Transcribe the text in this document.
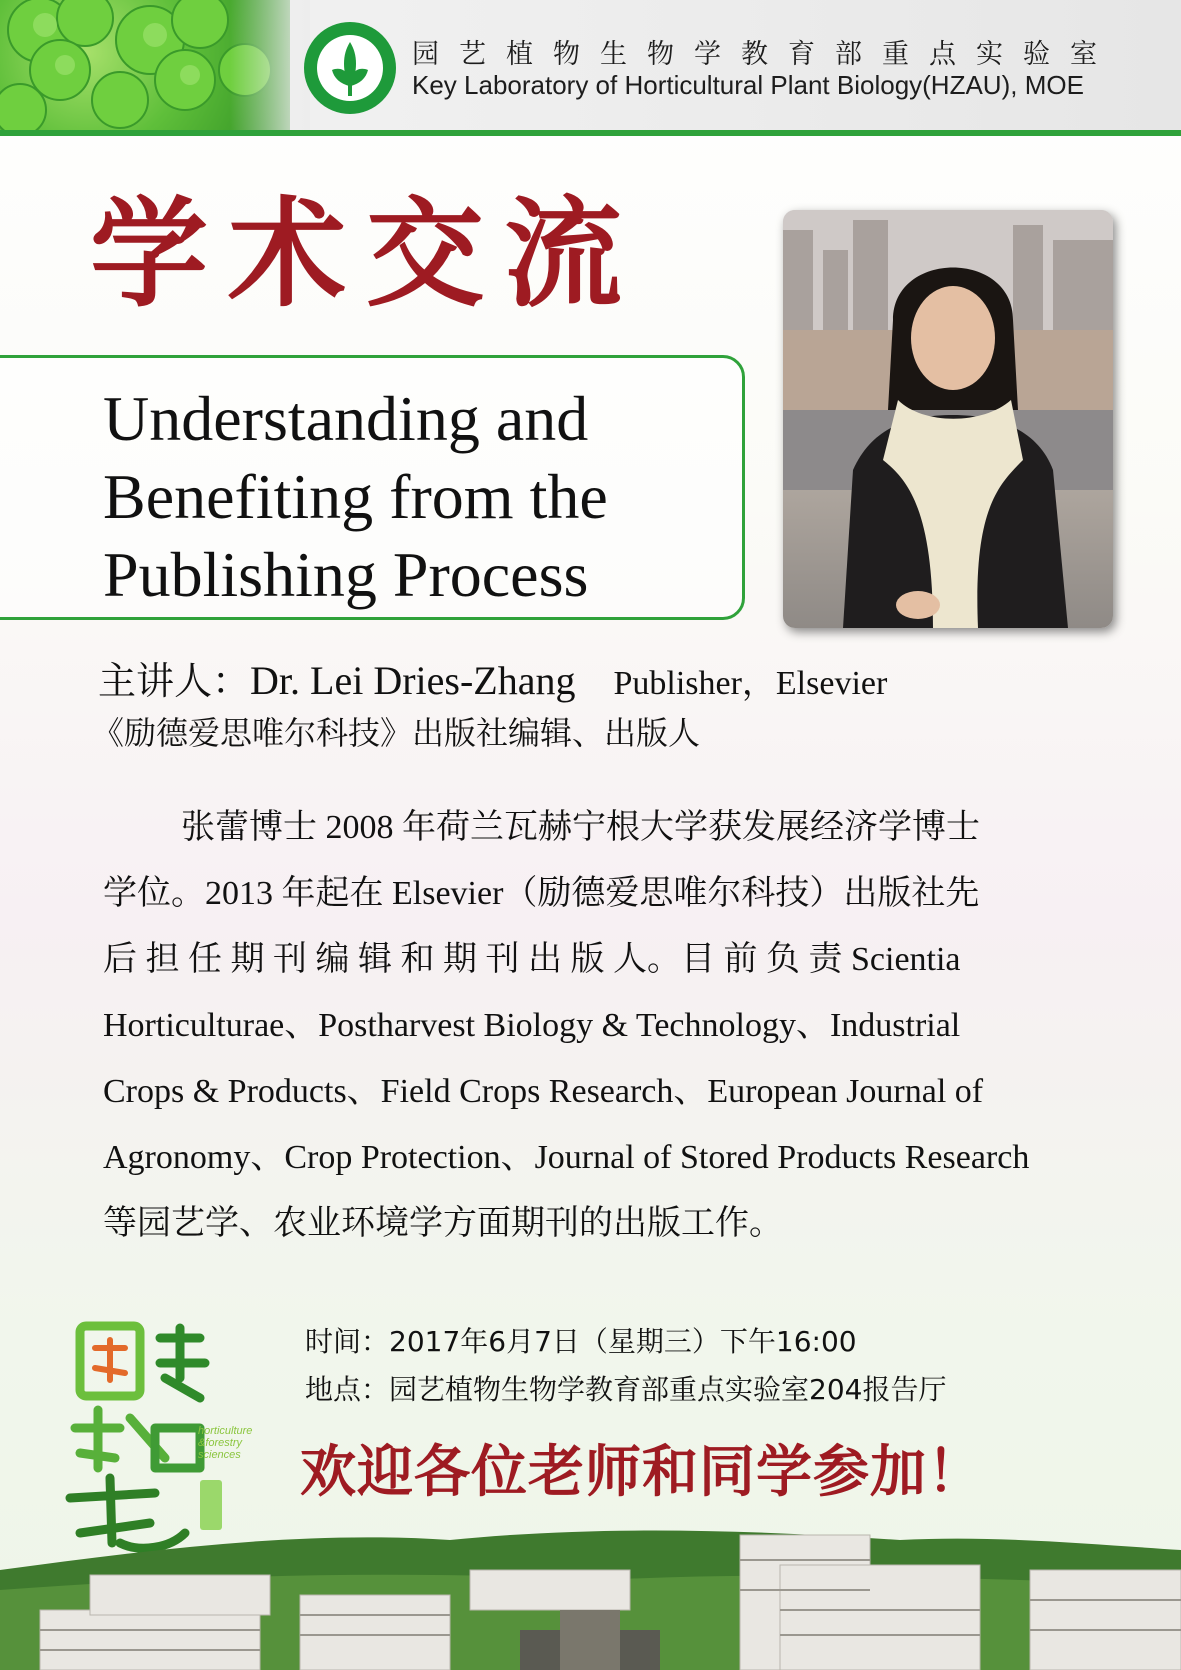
园艺植物生物学教育部重点实验室
Key Laboratory of Horticultural Plant Biology(HZAU), MOE
学术交流
Understanding and
Benefiting from the
Publishing Process
主讲人：Dr. Lei Dries-Zhang Publisher，Elsevier
《励德爱思唯尔科技》出版社编辑、出版人
张蕾博士 2008 年荷兰瓦赫宁根大学获发展经济学博士
学位。2013 年起在 Elsevier（励德爱思唯尔科技）出版社先
后 担 任 期 刊 编 辑 和 期 刊 出 版 人。目 前 负 责 Scientia
Horticulturae、Postharvest Biology & Technology、Industrial
Crops & Products、Field Crops Research、European Journal of
Agronomy、Crop Protection、Journal of Stored Products Research
等园艺学、农业环境学方面期刊的出版工作。
horticulture
&forestry
sciences
时间：2017年6月7日（星期三）下午16:00
地点：园艺植物生物学教育部重点实验室204报告厅
欢迎各位老师和同学参加！
